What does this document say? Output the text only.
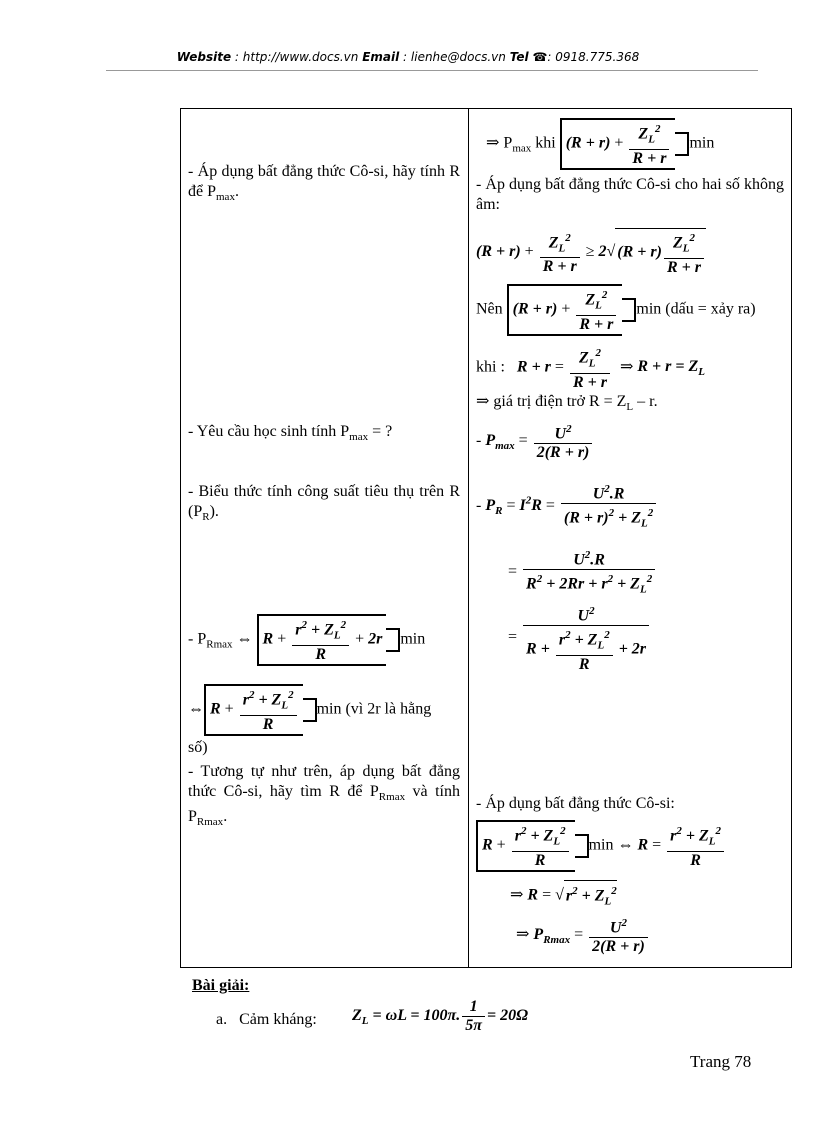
Website : http://www.docs.vn Email : lienhe@docs.vn Tel ☎: 0918.775.368
- Áp dụng bất đẳng thức Cô-si, hãy tính R để $P_{max}$.
- Yêu cầu học sinh tính $P_{max}$ = ?
- Biểu thức tính công suất tiêu thụ trên R $(P_R)$.
- $P_{Rmax}$ ⇔ $R + \frac{r^2 + Z_L^2}{R} + 2r$ min
⇔ $R + \frac{r^2 + Z_L^2}{R}$ min (vì 2r là hằng
số)
- Tương tự như trên, áp dụng bất đẳng thức Cô-si, hãy tìm R để $P_{Rmax}$ và tính $P_{Rmax}$.
⇒ $P_{max}$ khi $(R + r) + \frac{Z_L^2}{R + r}$ min
- Áp dụng bất đẳng thức Cô-si cho hai số không âm:
$(R + r) + \frac{Z_L^2}{R + r} \ge 2√$ $(R + r) \frac{Z_L^2}{R + r}$
Nên $(R + r) + \frac{Z_L^2}{R + r}$ min (dấu = xảy ra)
khi : $R + r = \frac{Z_L^2}{R + r}$ ⇒ $R + r = Z_L$
⇒ giá trị điện trở $R = Z_L - r$.
- $P_{max} = \frac{U^2}{2(R + r)}$
- $P_R = I^2R = \frac{U^2.R}{(R + r)^2 + Z_L^2}$
= $\frac{U^2.R}{R^2 + 2Rr + r^2 + Z_L^2}$
= $\frac{U^2}{R + \frac{r^2 + Z_L^2}{R} + 2r}$
- Áp dụng bất đẳng thức Cô-si:
$R + \frac{r^2 + Z_L^2}{R}$ min ⇔ $R = \frac{r^2 + Z_L^2}{R}$
⇒ R = √ $r^2 + Z_L^2$
⇒ $P_{Rmax} = \frac{U^2}{2(R + r)}$
Bài giải:
a. Cảm kháng: $Z_L = \omega L = 100\pi$. $\frac{1}{5\pi} = 20\Omega$
Trang 78
